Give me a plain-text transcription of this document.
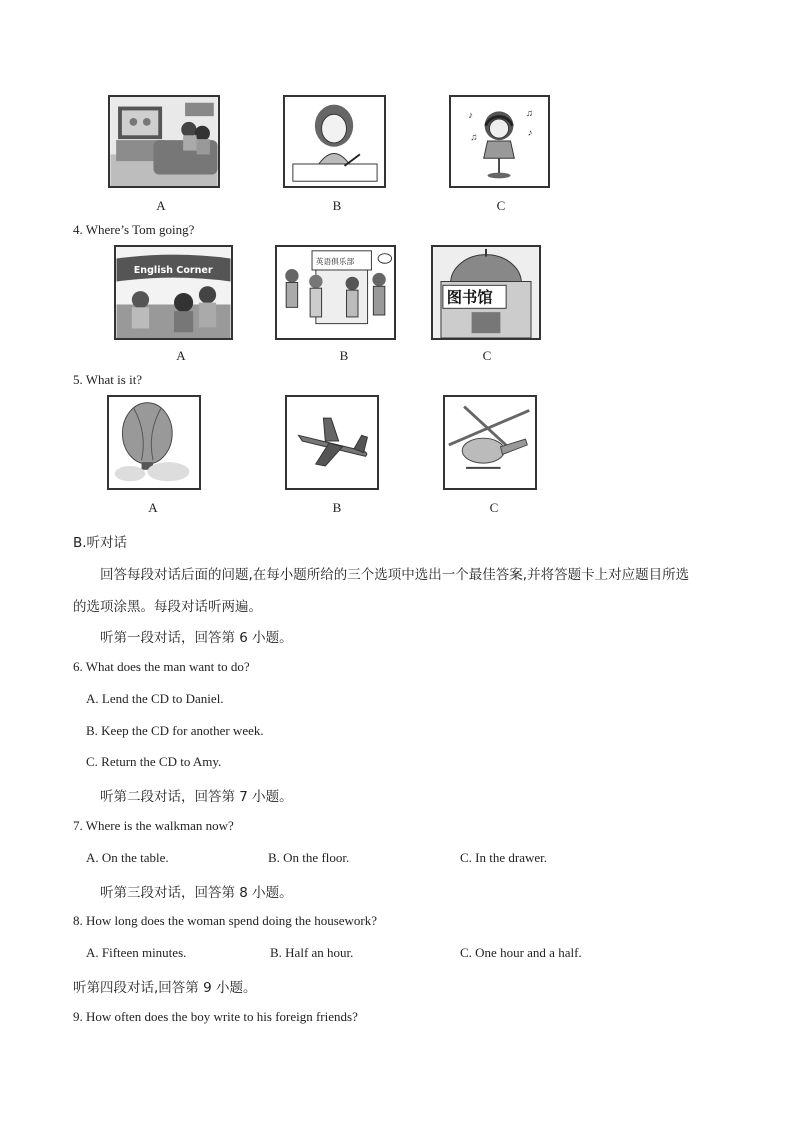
♪	♫
♪
♫
A	B	C
4. Where’s Tom going?
English Corner
英语俱乐部
图书馆
A	B	C
5. What is it?
A	B	C
B.听对话
回答每段对话后面的问题,在每小题所给的三个选项中选出一个最佳答案,并将答题卡上对应题目所选
的选项涂黑。每段对话听两遍。
听第一段对话，回答第 6 小题。
6. What does the man want to do?
A. Lend the CD to Daniel.
B. Keep the CD for another week.
C. Return the CD to Amy.
听第二段对话，回答第 7 小题。
7. Where is the walkman now?
A. On the table.	B. On the floor.	C. In the drawer.
听第三段对话，回答第 8 小题。
8. How long does the woman spend doing the housework?
A. Fifteen minutes.	B. Half an hour.	C. One hour and a half.
听第四段对话,回答第 9 小题。
9. How often does the boy write to his foreign friends?
